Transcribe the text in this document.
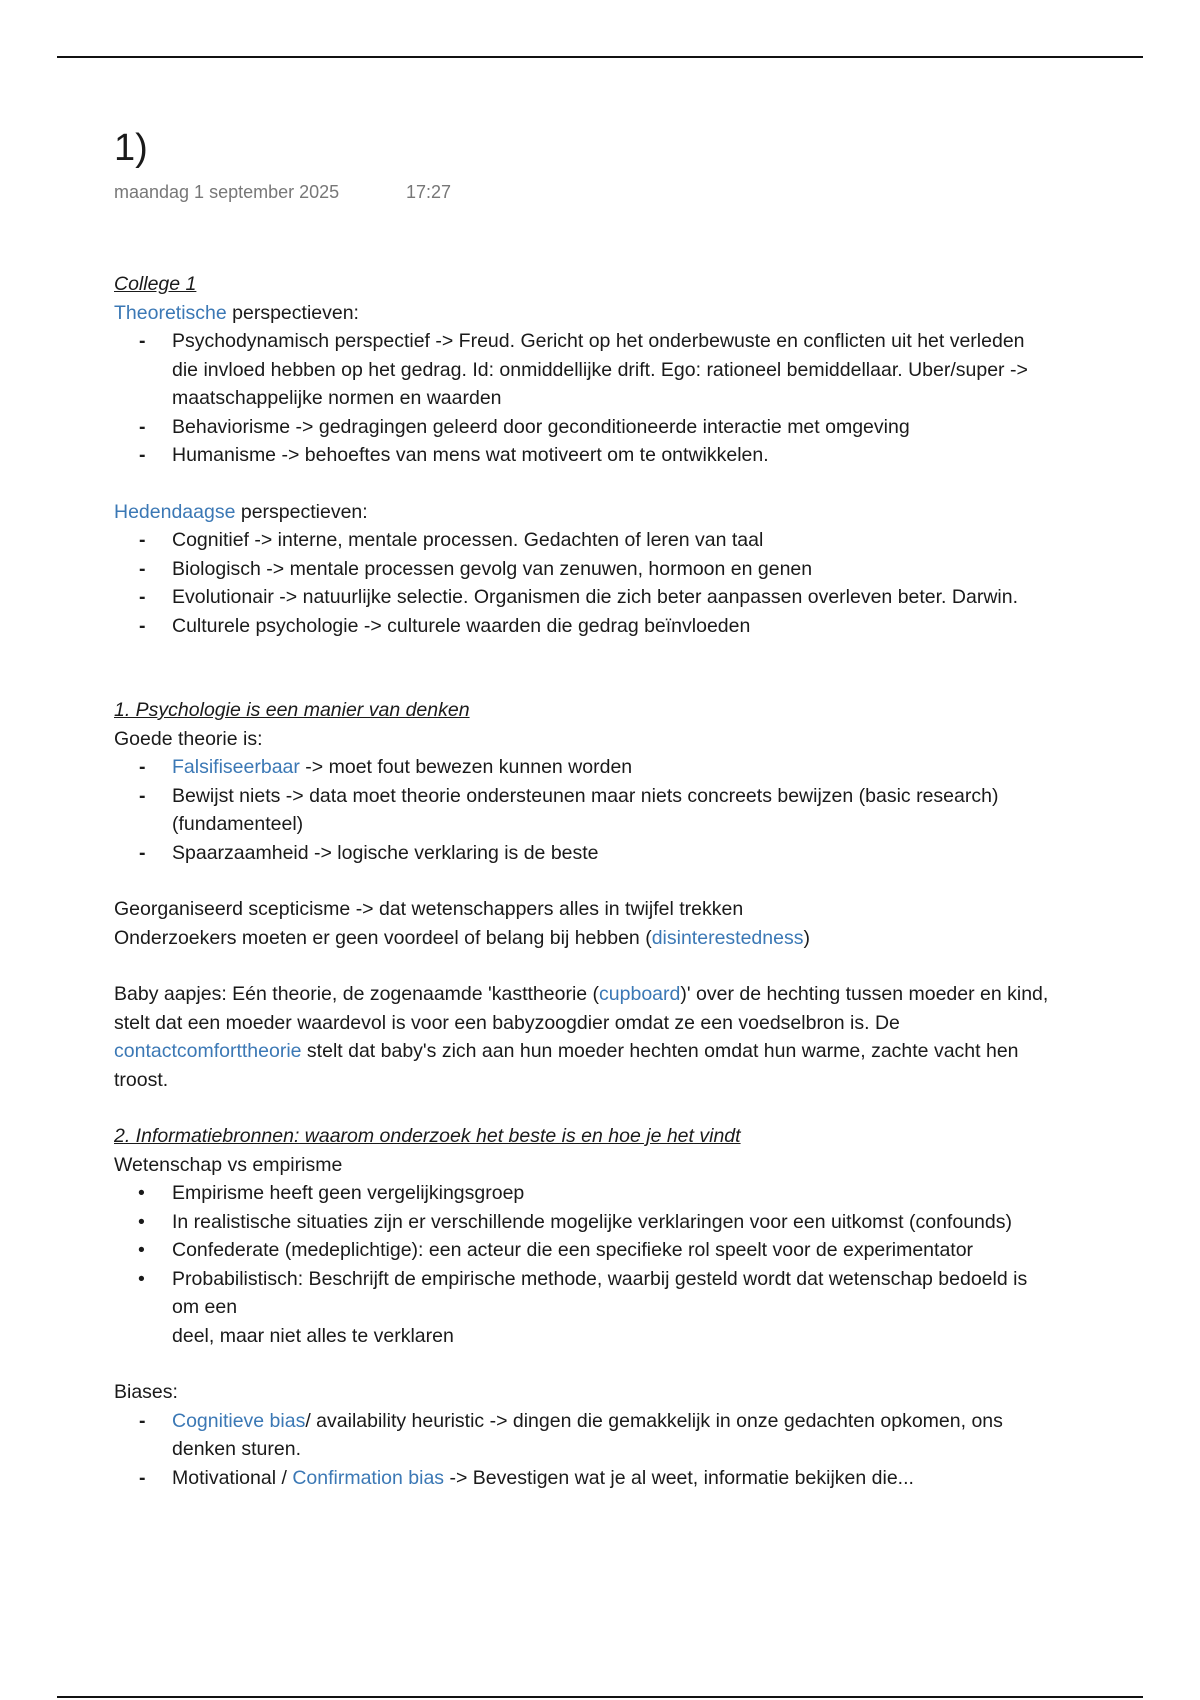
1)
maandag 1 september 2025	17:27
College 1
Theoretische perspectieven:
- Psychodynamisch perspectief -> Freud. Gericht op het onderbewuste en conflicten uit het verleden die invloed hebben op het gedrag. Id: onmiddellijke drift. Ego: rationeel bemiddellaar. Uber/super -> maatschappelijke normen en waarden
- Behaviorisme -> gedragingen geleerd door geconditioneerde interactie met omgeving
- Humanisme -> behoeftes van mens wat motiveert om te ontwikkelen.
Hedendaagse perspectieven:
- Cognitief -> interne, mentale processen. Gedachten of leren van taal
- Biologisch -> mentale processen gevolg van zenuwen, hormoon en genen
- Evolutionair -> natuurlijke selectie. Organismen die zich beter aanpassen overleven beter. Darwin.
- Culturele psychologie -> culturele waarden die gedrag beïnvloeden
1. Psychologie is een manier van denken
Goede theorie is:
- Falsifiseerbaar -> moet fout bewezen kunnen worden
- Bewijst niets -> data moet theorie ondersteunen maar niets concreets bewijzen (basic research) (fundamenteel)
- Spaarzaamheid -> logische verklaring is de beste
Georganiseerd scepticisme -> dat wetenschappers alles in twijfel trekken
Onderzoekers moeten er geen voordeel of belang bij hebben (disinterestedness)
Baby aapjes: Eén theorie, de zogenaamde 'kasttheorie (cupboard)' over de hechting tussen moeder en kind, stelt dat een moeder waardevol is voor een babyzoogdier omdat ze een voedselbron is. De contactcomforttheorie stelt dat baby's zich aan hun moeder hechten omdat hun warme, zachte vacht hen troost.
2. Informatiebronnen: waarom onderzoek het beste is en hoe je het vindt
Wetenschap vs empirisme
• Empirisme heeft geen vergelijkingsgroep
• In realistische situaties zijn er verschillende mogelijke verklaringen voor een uitkomst (confounds)
• Confederate (medeplichtige): een acteur die een specifieke rol speelt voor de experimentator
• Probabilistisch: Beschrijft de empirische methode, waarbij gesteld wordt dat wetenschap bedoeld is om een
deel, maar niet alles te verklaren
Biases:
- Cognitieve bias/ availability heuristic -> dingen die gemakkelijk in onze gedachten opkomen, ons denken sturen.
- Motivational / Confirmation bias -> Bevestigen wat je al weet, informatie bekijken die...
